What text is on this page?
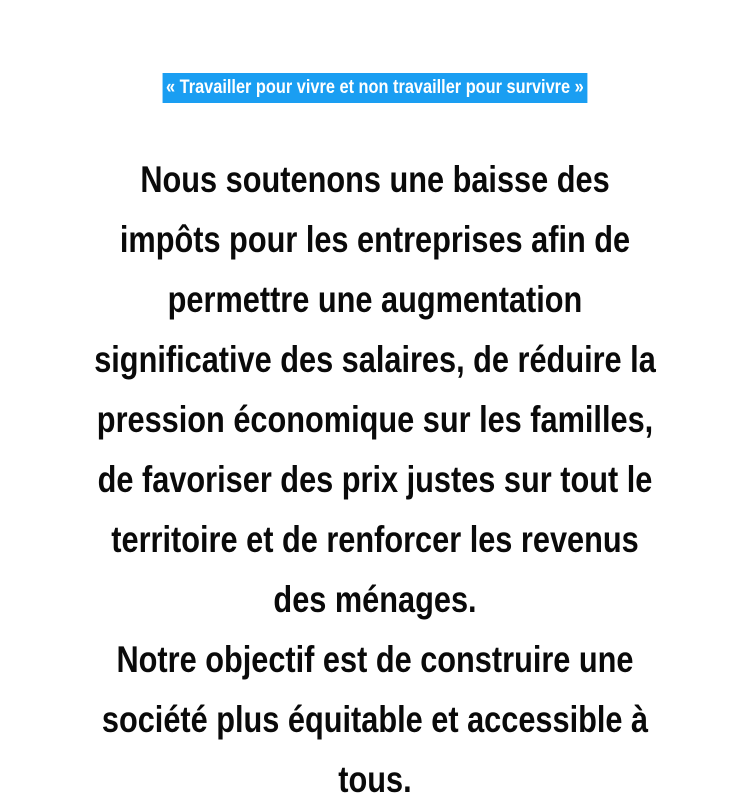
« Travailler pour vivre et non travailler pour survivre »
Nous soutenons une baisse des
impôts pour les entreprises afin de
permettre une augmentation
significative des salaires, de réduire la
pression économique sur les familles,
de favoriser des prix justes sur tout le
territoire et de renforcer les revenus
des ménages.
Notre objectif est de construire une
société plus équitable et accessible à
tous.
